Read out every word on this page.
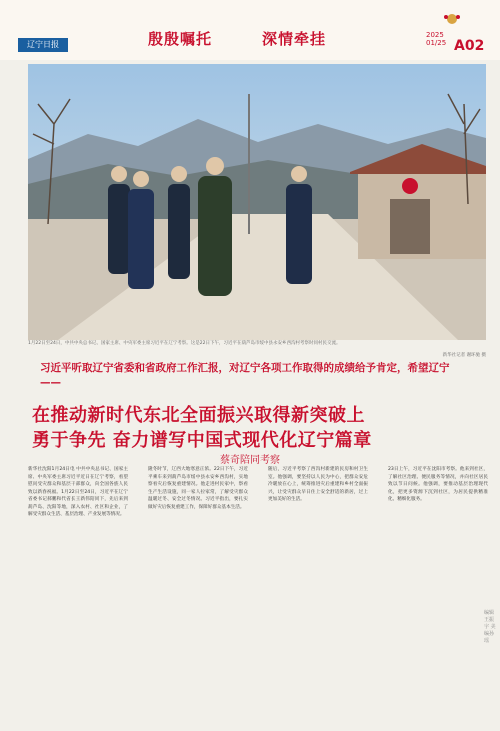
辽宁日报	殷殷嘱托	深情牵挂	2025
01/25 A02
1月22日至24日，中共中央总书记、国家主席、中央军委主席习近平在辽宁考察。这是22日下午，习近平在葫芦岛市绥中县永安乡西沟村考察时同村民交流。
新华社记者 谢环驰 摄
习近平听取辽宁省委和省政府工作汇报，对辽宁各项工作取得的成绩给予肯定，希望辽宁——
在推动新时代东北全面振兴取得新突破上
勇于争先 奋力谱写中国式现代化辽宁篇章
蔡奇陪同考察
新华社沈阳1月24日电 中共中央总书记、国家主席、中央军委主席习近平近日在辽宁考察，看望慰问受灾群众和基层干部群众，向全国各族人民致以新春祝福。1月22日至24日，习近平在辽宁省委书记郝鹏和代省长王新伟陪同下，先后来到葫芦岛、沈阳等地，深入农村、社区和企业，了解受灾群众生活、基层治理、产业发展等情况。
隆冬时节，辽西大地寒意正浓。22日下午，习近平乘车来到葫芦岛市绥中县永安乡西沟村，实地察看灾后恢复重建情况。他走进村民家中，察看生产生活设施，同一家人拉家常，了解受灾群众温暖过冬、安全过冬情况。习近平指出，要扎实做好灾后恢复重建工作，保障好群众基本生活。
随后，习近平考察了西沟村新建的民房和村卫生室。他强调，要坚持以人民为中心，把群众安危冷暖放在心上，统筹推进灾后重建和乡村全面振兴，让受灾群众早日住上安全舒适的新居，过上更加美好的生活。
23日上午，习近平在沈阳市考察。他来到社区，了解社区治理、便民服务等情况，并向社区居民致以节日问候。他强调，要推动基层治理现代化，把更多资源下沉到社区，为居民提供精准化、精细化服务。
编辑王振宇 美编孙瑶
